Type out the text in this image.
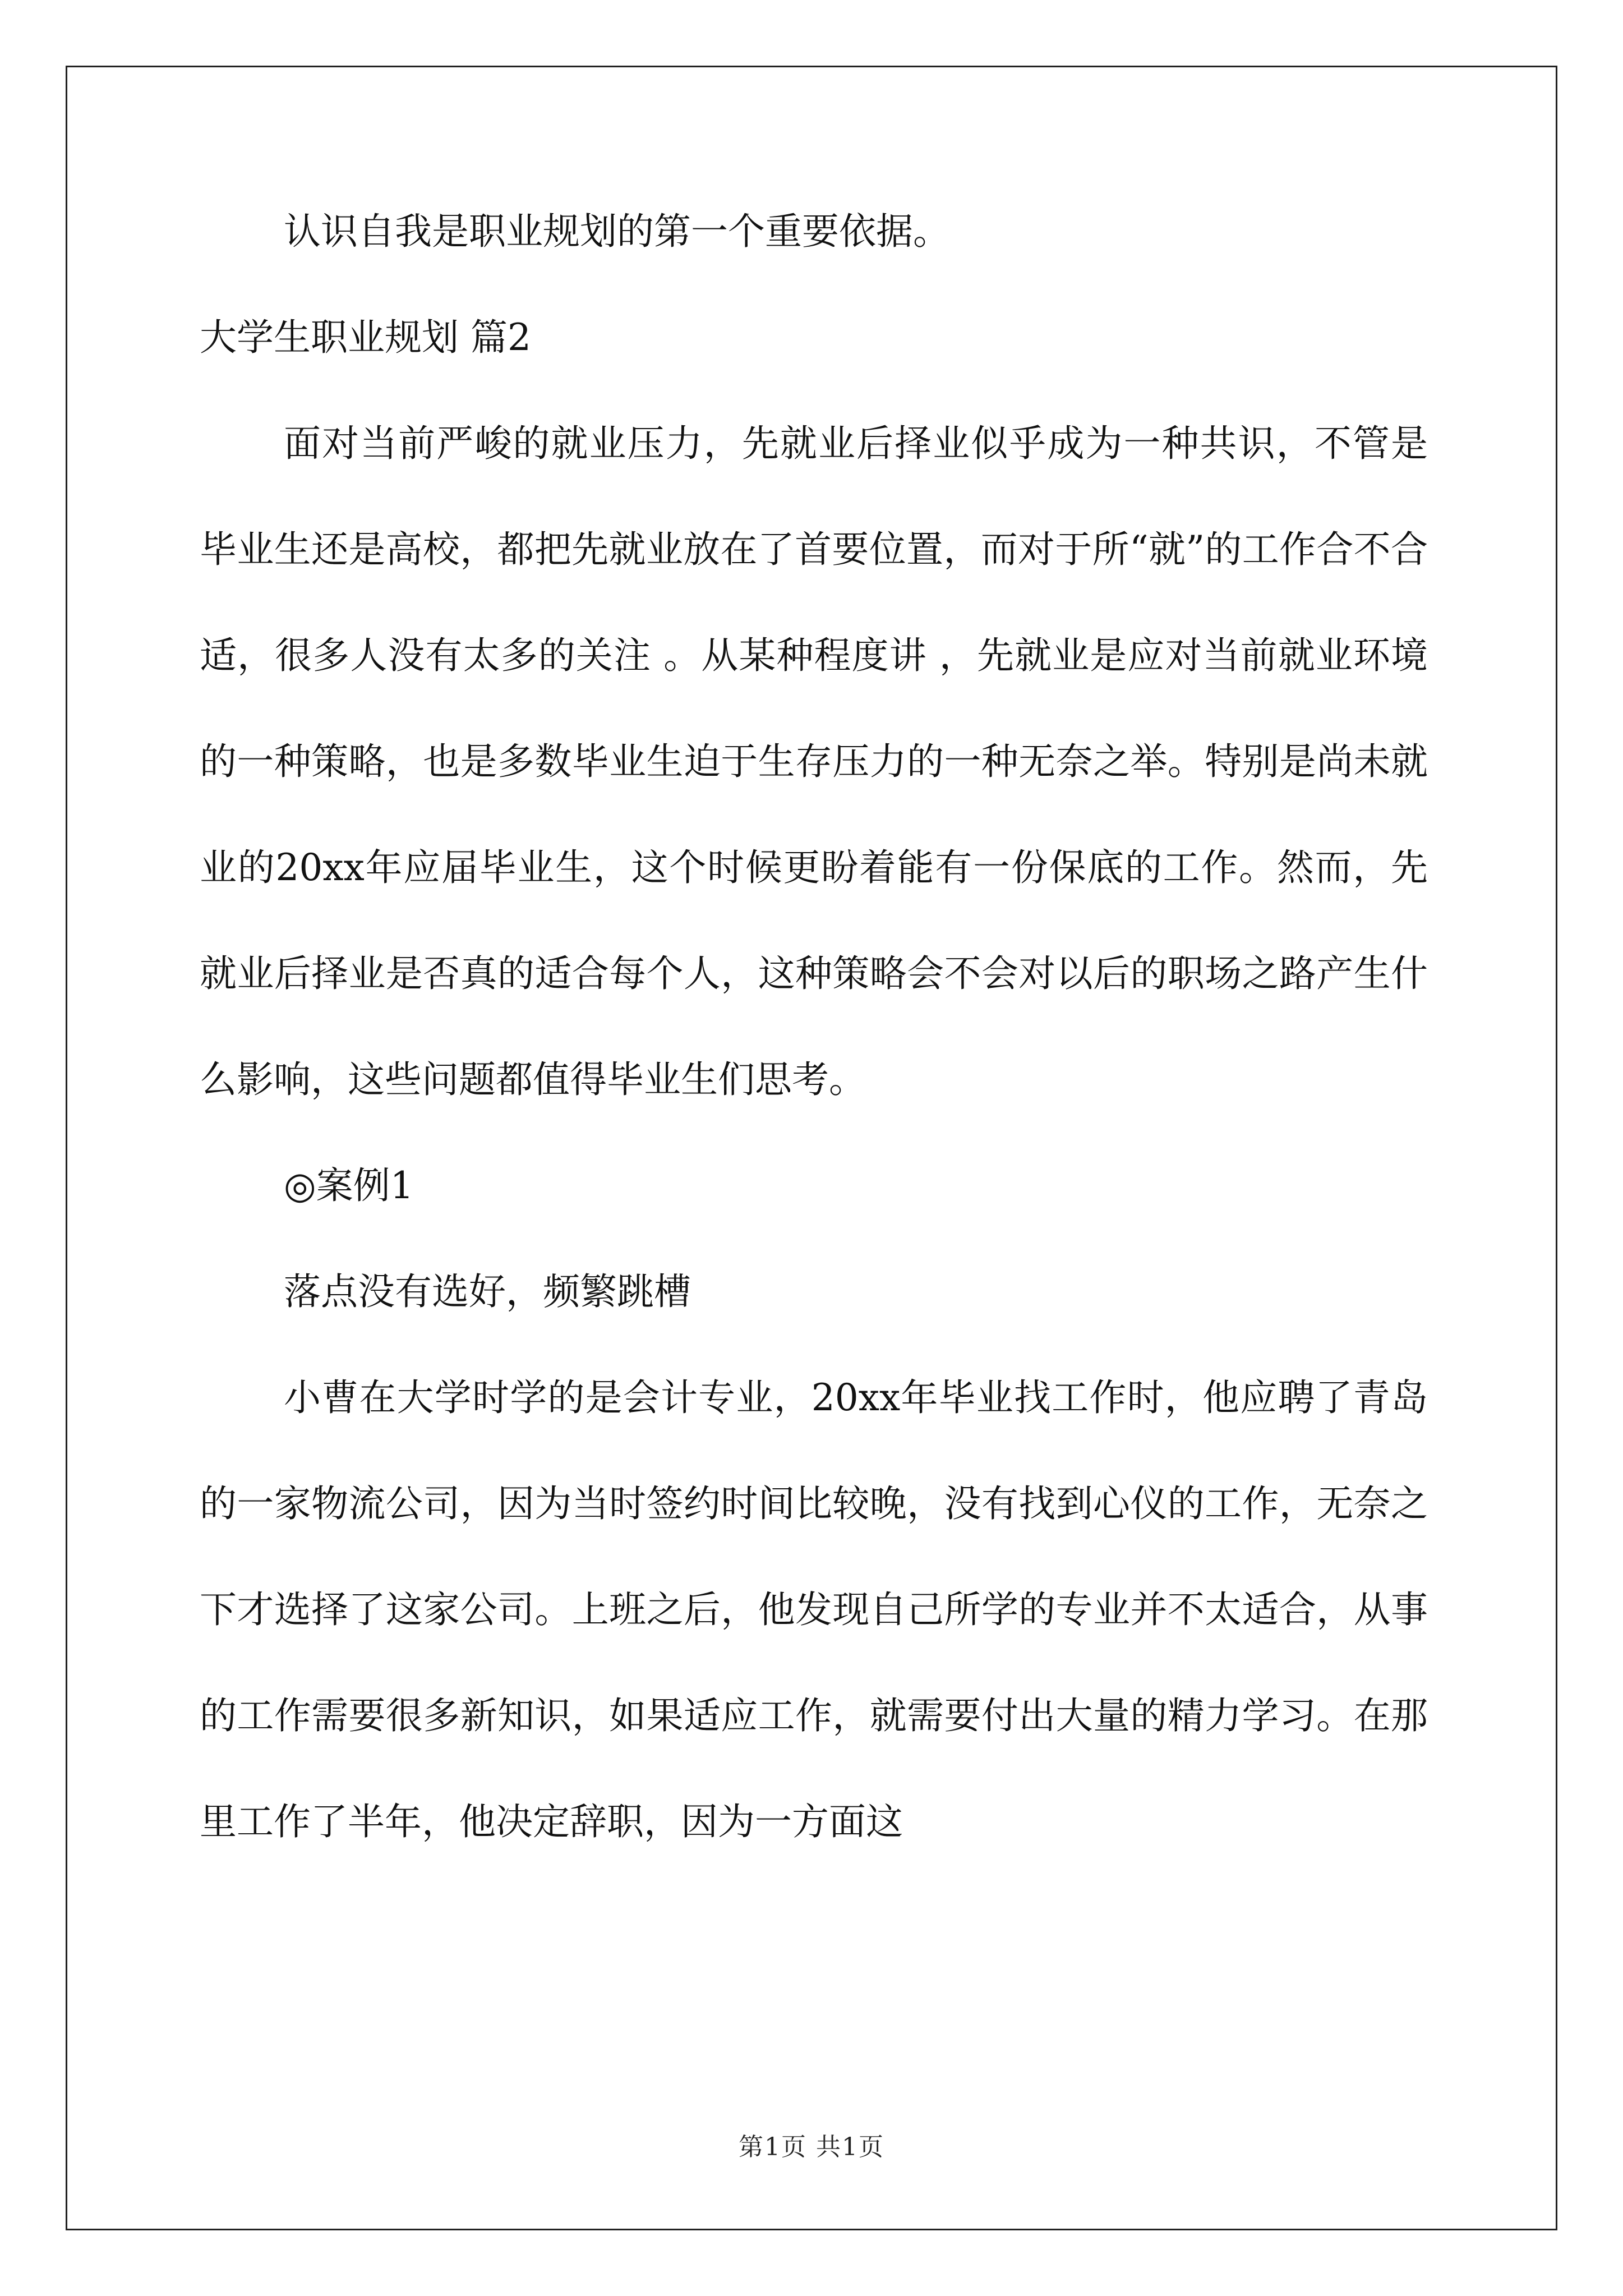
认识自我是职业规划的第一个重要依据。
大学生职业规划 篇2
面对当前严峻的就业压力，先就业后择业似乎成为一种共识，不管是毕业生还是高校，都把先就业放在了首要位置，而对于所“就”的工作合不合适，很多人没有太多的关注 。从某种程度讲 ，先就业是应对当前就业环境的一种策略，也是多数毕业生迫于生存压力的一种无奈之举。特别是尚未就业的20xx年应届毕业生，这个时候更盼着能有一份保底的工作。然而，先就业后择业是否真的适合每个人，这种策略会不会对以后的职场之路产生什么影响，这些问题都值得毕业生们思考。
◎案例1
落点没有选好，频繁跳槽
小曹在大学时学的是会计专业，20xx年毕业找工作时，他应聘了青岛的一家物流公司，因为当时签约时间比较晚，没有找到心仪的工作，无奈之下才选择了这家公司。上班之后，他发现自己所学的专业并不太适合，从事的工作需要很多新知识，如果适应工作，就需要付出大量的精力学习。在那里工作了半年，他决定辞职，因为一方面这
第1页 共1页
